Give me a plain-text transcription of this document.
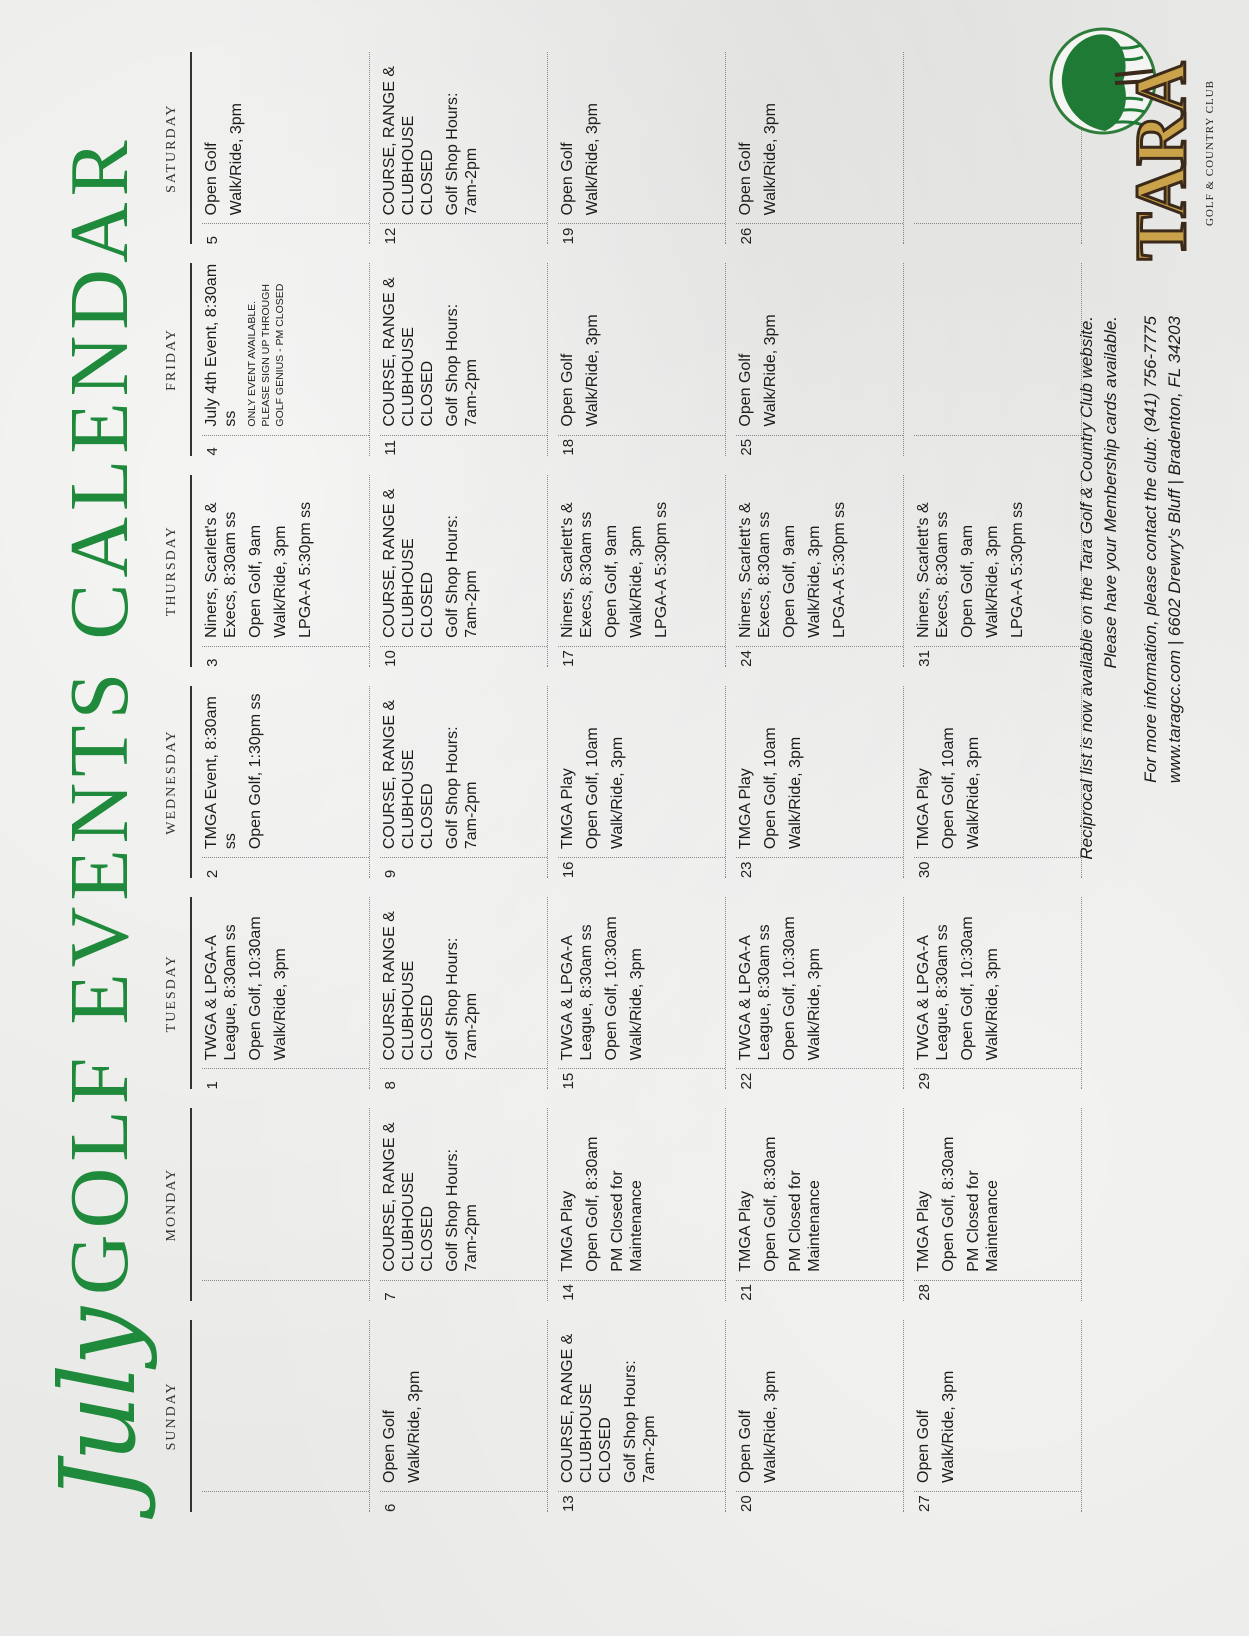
July
GOLF EVENTS CALENDAR
SUNDAY
MONDAY
TUESDAY
WEDNESDAY
THURSDAY
FRIDAY
SATURDAY
1
TWGA & LPGA-A League, 8:30am ss Open Golf, 10:30am Walk/Ride, 3pm
2
TMGA Event, 8:30am ss Open Golf, 1:30pm ss
3
Niners, Scarlett's & Execs, 8:30am ss Open Golf, 9am Walk/Ride, 3pm LPGA-A 5:30pm ss
4
July 4th Event, 8:30am ss ONLY EVENT AVAILABLE. PLEASE SIGN UP THROUGH GOLF GENIUS - PM CLOSED
5
Open Golf Walk/Ride, 3pm
6
Open Golf Walk/Ride, 3pm
7
COURSE, RANGE & CLUBHOUSE CLOSED Golf Shop Hours: 7am-2pm
8
COURSE, RANGE & CLUBHOUSE CLOSED Golf Shop Hours: 7am-2pm
9
COURSE, RANGE & CLUBHOUSE CLOSED Golf Shop Hours: 7am-2pm
10
COURSE, RANGE & CLUBHOUSE CLOSED Golf Shop Hours: 7am-2pm
11
COURSE, RANGE & CLUBHOUSE CLOSED Golf Shop Hours: 7am-2pm
12
COURSE, RANGE & CLUBHOUSE CLOSED Golf Shop Hours: 7am-2pm
13
COURSE, RANGE & CLUBHOUSE CLOSED Golf Shop Hours: 7am-2pm
14
TMGA Play Open Golf, 8:30am PM Closed for Maintenance
15
TWGA & LPGA-A League, 8:30am ss Open Golf, 10:30am Walk/Ride, 3pm
16
TMGA Play Open Golf, 10am Walk/Ride, 3pm
17
Niners, Scarlett's & Execs, 8:30am ss Open Golf, 9am Walk/Ride, 3pm LPGA-A 5:30pm ss
18
Open Golf Walk/Ride, 3pm
19
Open Golf Walk/Ride, 3pm
20
Open Golf Walk/Ride, 3pm
21
TMGA Play Open Golf, 8:30am PM Closed for Maintenance
22
TWGA & LPGA-A League, 8:30am ss Open Golf, 10:30am Walk/Ride, 3pm
23
TMGA Play Open Golf, 10am Walk/Ride, 3pm
24
Niners, Scarlett's & Execs, 8:30am ss Open Golf, 9am Walk/Ride, 3pm LPGA-A 5:30pm ss
25
Open Golf Walk/Ride, 3pm
26
Open Golf Walk/Ride, 3pm
27
Open Golf Walk/Ride, 3pm
28
TMGA Play Open Golf, 8:30am PM Closed for Maintenance
29
TWGA & LPGA-A League, 8:30am ss Open Golf, 10:30am Walk/Ride, 3pm
30
TMGA Play Open Golf, 10am Walk/Ride, 3pm
31
Niners, Scarlett's & Execs, 8:30am ss Open Golf, 9am Walk/Ride, 3pm LPGA-A 5:30pm ss	Reciprocal list is now available on the Tara Golf & Country Club website. Please have your Membership cards available. For more information, please contact the club: (941) 756-7775 www.taragcc.com | 6602 Drewry's Bluff | Bradenton, FL 34203
TARA GOLF & COUNTRY CLUB
